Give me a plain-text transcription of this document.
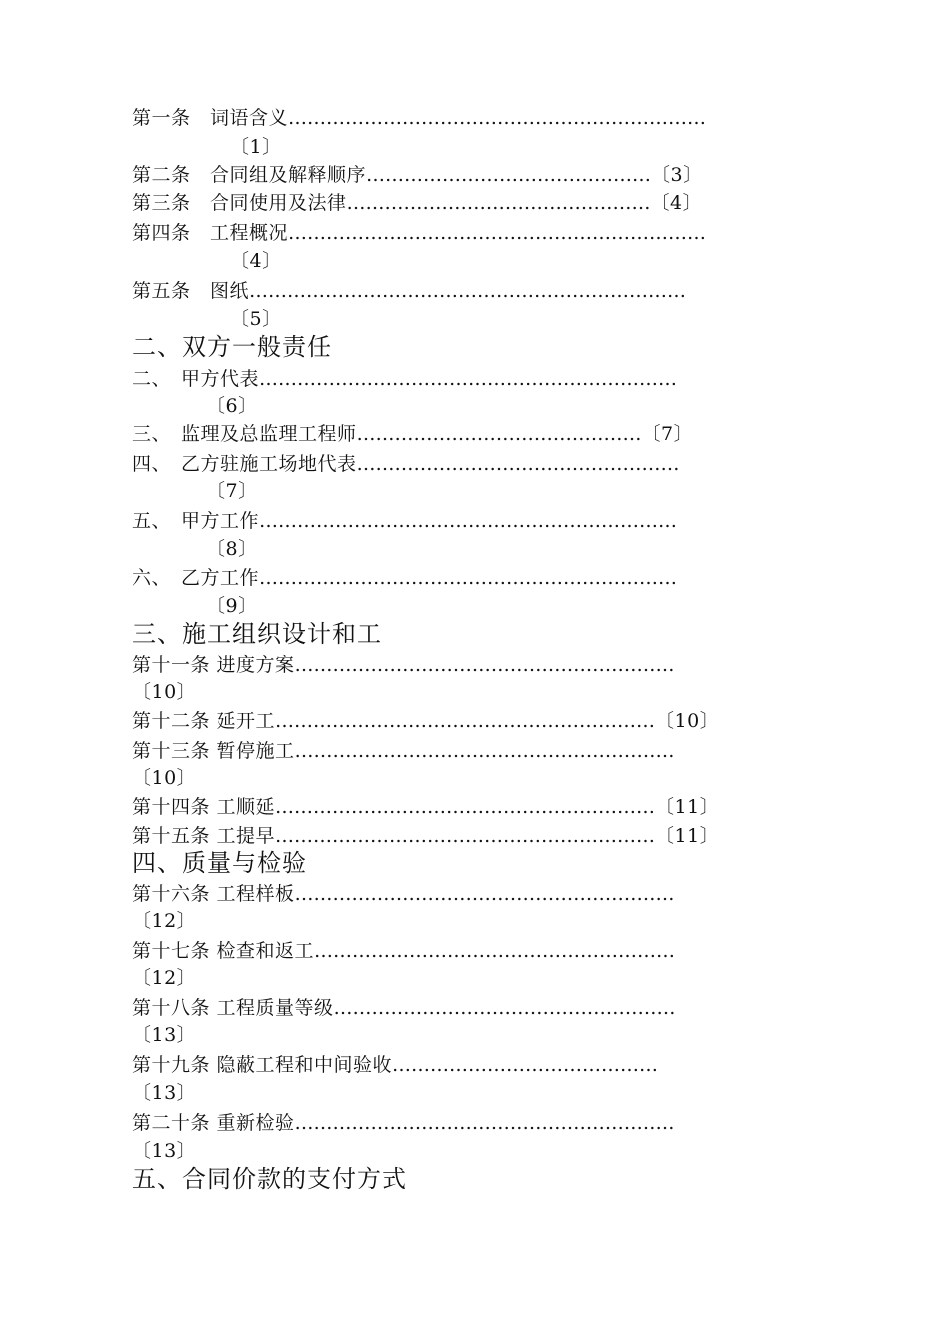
第一条　词语含义…………………………………………………………
〔1〕
第二条　合同组及解释顺序………………………………………〔3〕
第三条　合同使用及法律…………………………………………〔4〕
第四条　工程概况…………………………………………………………
〔4〕
第五条　图纸……………………………………………………………
〔5〕
二、双方一般责任
二、　甲方代表…………………………………………………………
〔6〕
三、　监理及总监理工程师………………………………………〔7〕
四、　乙方驻施工场地代表……………………………………………
〔7〕
五、　甲方工作…………………………………………………………
〔8〕
六、　乙方工作…………………………………………………………
〔9〕
三、施工组织设计和工
第十一条 进度方案……………………………………………………
〔10〕
第十二条 延开工……………………………………………………〔10〕
第十三条 暂停施工……………………………………………………
〔10〕
第十四条 工顺延……………………………………………………〔11〕
第十五条 工提早……………………………………………………〔11〕
四、质量与检验
第十六条 工程样板……………………………………………………
〔12〕
第十七条 检查和返工…………………………………………………
〔12〕
第十八条 工程质量等级………………………………………………
〔13〕
第十九条 隐蔽工程和中间验收……………………………………
〔13〕
第二十条 重新检验……………………………………………………
〔13〕
五、合同价款的支付方式
